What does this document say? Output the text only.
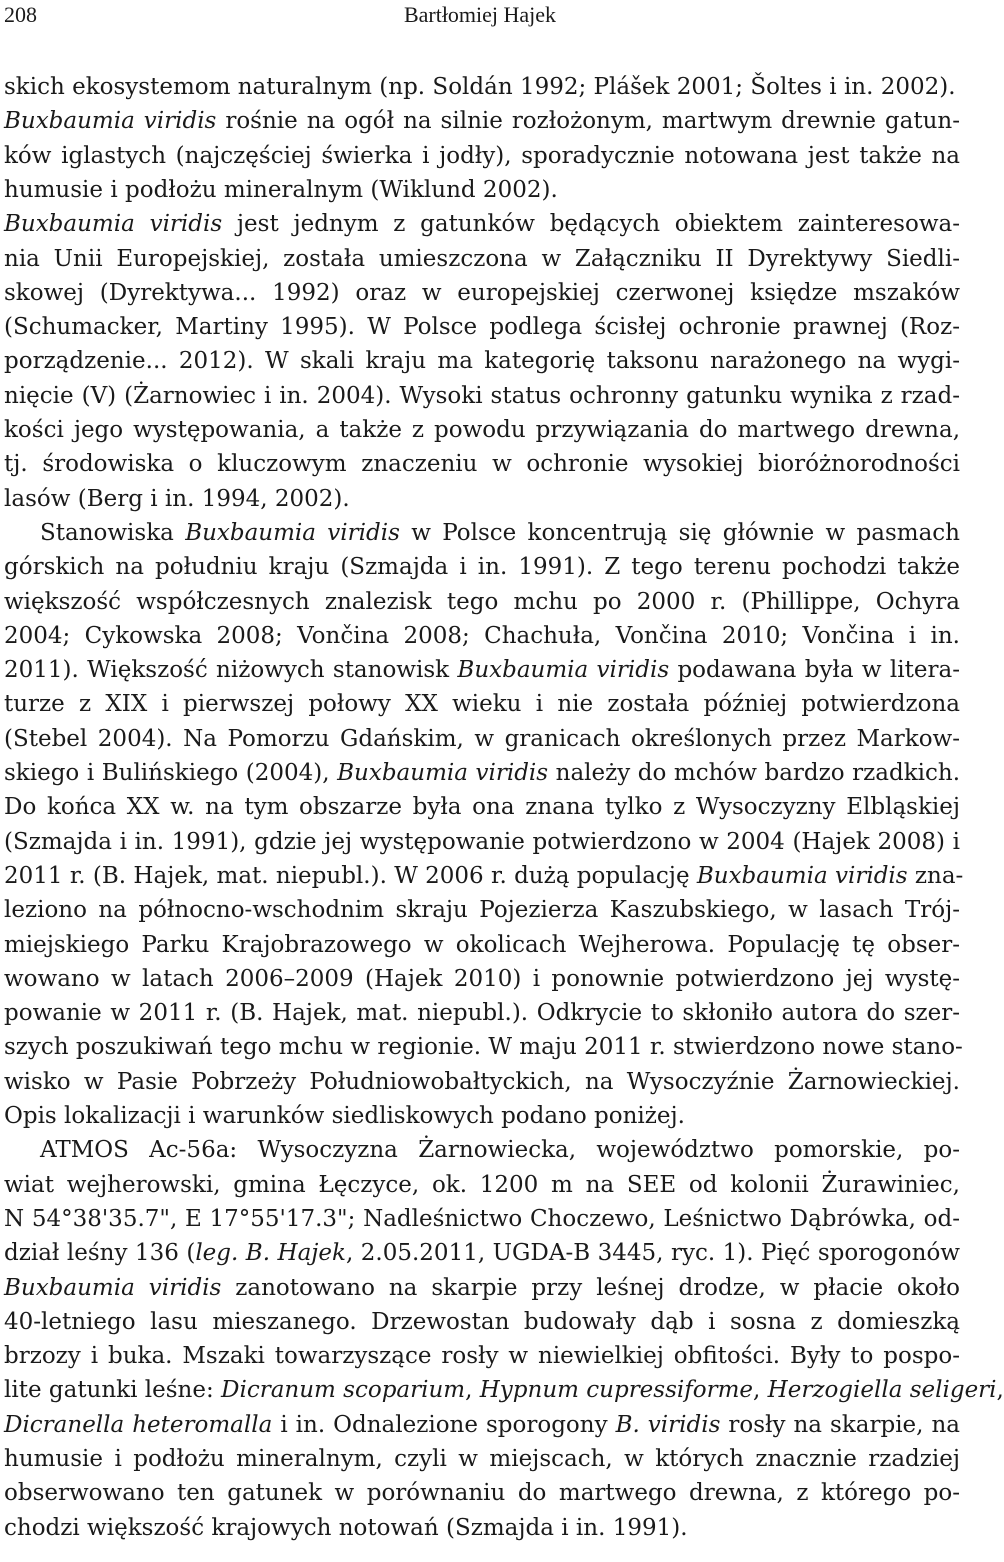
208	Bartłomiej Hajek
skich ekosystemom naturalnym (np. Soldán 1992; Plášek 2001; Šoltes i in. 2002).
Buxbaumia viridis rośnie na ogół na silnie rozłożonym, martwym drewnie gatun-
ków iglastych (najczęściej świerka i jodły), sporadycznie notowana jest także na
humusie i podłożu mineralnym (Wiklund 2002).
Buxbaumia viridis jest jednym z gatunków będących obiektem zainteresowa-
nia Unii Europejskiej, została umieszczona w Załączniku II Dyrektywy Siedli-
skowej (Dyrektywa... 1992) oraz w europejskiej czerwonej księdze mszaków
(Schumacker, Martiny 1995). W Polsce podlega ścisłej ochronie prawnej (Roz-
porządzenie... 2012). W skali kraju ma kategorię taksonu narażonego na wygi-
nięcie (V) (Żarnowiec i in. 2004). Wysoki status ochronny gatunku wynika z rzad-
kości jego występowania, a także z powodu przywiązania do martwego drewna,
tj. środowiska o kluczowym znaczeniu w ochronie wysokiej bioróżnorodności
lasów (Berg i in. 1994, 2002).
Stanowiska Buxbaumia viridis w Polsce koncentrują się głównie w pasmach
górskich na południu kraju (Szmajda i in. 1991). Z tego terenu pochodzi także
większość współczesnych znalezisk tego mchu po 2000 r. (Phillippe, Ochyra
2004; Cykowska 2008; Vončina 2008; Chachuła, Vončina 2010; Vončina i in.
2011). Większość niżowych stanowisk Buxbaumia viridis podawana była w litera-
turze z XIX i pierwszej połowy XX wieku i nie została później potwierdzona
(Stebel 2004). Na Pomorzu Gdańskim, w granicach określonych przez Markow-
skiego i Bulińskiego (2004), Buxbaumia viridis należy do mchów bardzo rzadkich.
Do końca XX w. na tym obszarze była ona znana tylko z Wysoczyzny Elbląskiej
(Szmajda i in. 1991), gdzie jej występowanie potwierdzono w 2004 (Hajek 2008) i
2011 r. (B. Hajek, mat. niepubl.). W 2006 r. dużą populację Buxbaumia viridis zna-
leziono na północno-wschodnim skraju Pojezierza Kaszubskiego, w lasach Trój-
miejskiego Parku Krajobrazowego w okolicach Wejherowa. Populację tę obser-
wowano w latach 2006–2009 (Hajek 2010) i ponownie potwierdzono jej wystę-
powanie w 2011 r. (B. Hajek, mat. niepubl.). Odkrycie to skłoniło autora do szer-
szych poszukiwań tego mchu w regionie. W maju 2011 r. stwierdzono nowe stano-
wisko w Pasie Pobrzeży Południowobałtyckich, na Wysoczyźnie Żarnowieckiej.
Opis lokalizacji i warunków siedliskowych podano poniżej.
ATMOS Ac-56a: Wysoczyzna Żarnowiecka, województwo pomorskie, po-
wiat wejherowski, gmina Łęczyce, ok. 1200 m na SEE od kolonii Żurawiniec,
N 54°38'35.7", E 17°55'17.3"; Nadleśnictwo Choczewo, Leśnictwo Dąbrówka, od-
dział leśny 136 (leg. B. Hajek, 2.05.2011, UGDA-B 3445, ryc. 1). Pięć sporogonów
Buxbaumia viridis zanotowano na skarpie przy leśnej drodze, w płacie około
40-letniego lasu mieszanego. Drzewostan budowały dąb i sosna z domieszką
brzozy i buka. Mszaki towarzyszące rosły w niewielkiej obfitości. Były to pospo-
lite gatunki leśne: Dicranum scoparium, Hypnum cupressiforme, Herzogiella seligeri,
Dicranella heteromalla i in. Odnalezione sporogony B. viridis rosły na skarpie, na
humusie i podłożu mineralnym, czyli w miejscach, w których znacznie rzadziej
obserwowano ten gatunek w porównaniu do martwego drewna, z którego po-
chodzi większość krajowych notowań (Szmajda i in. 1991).
